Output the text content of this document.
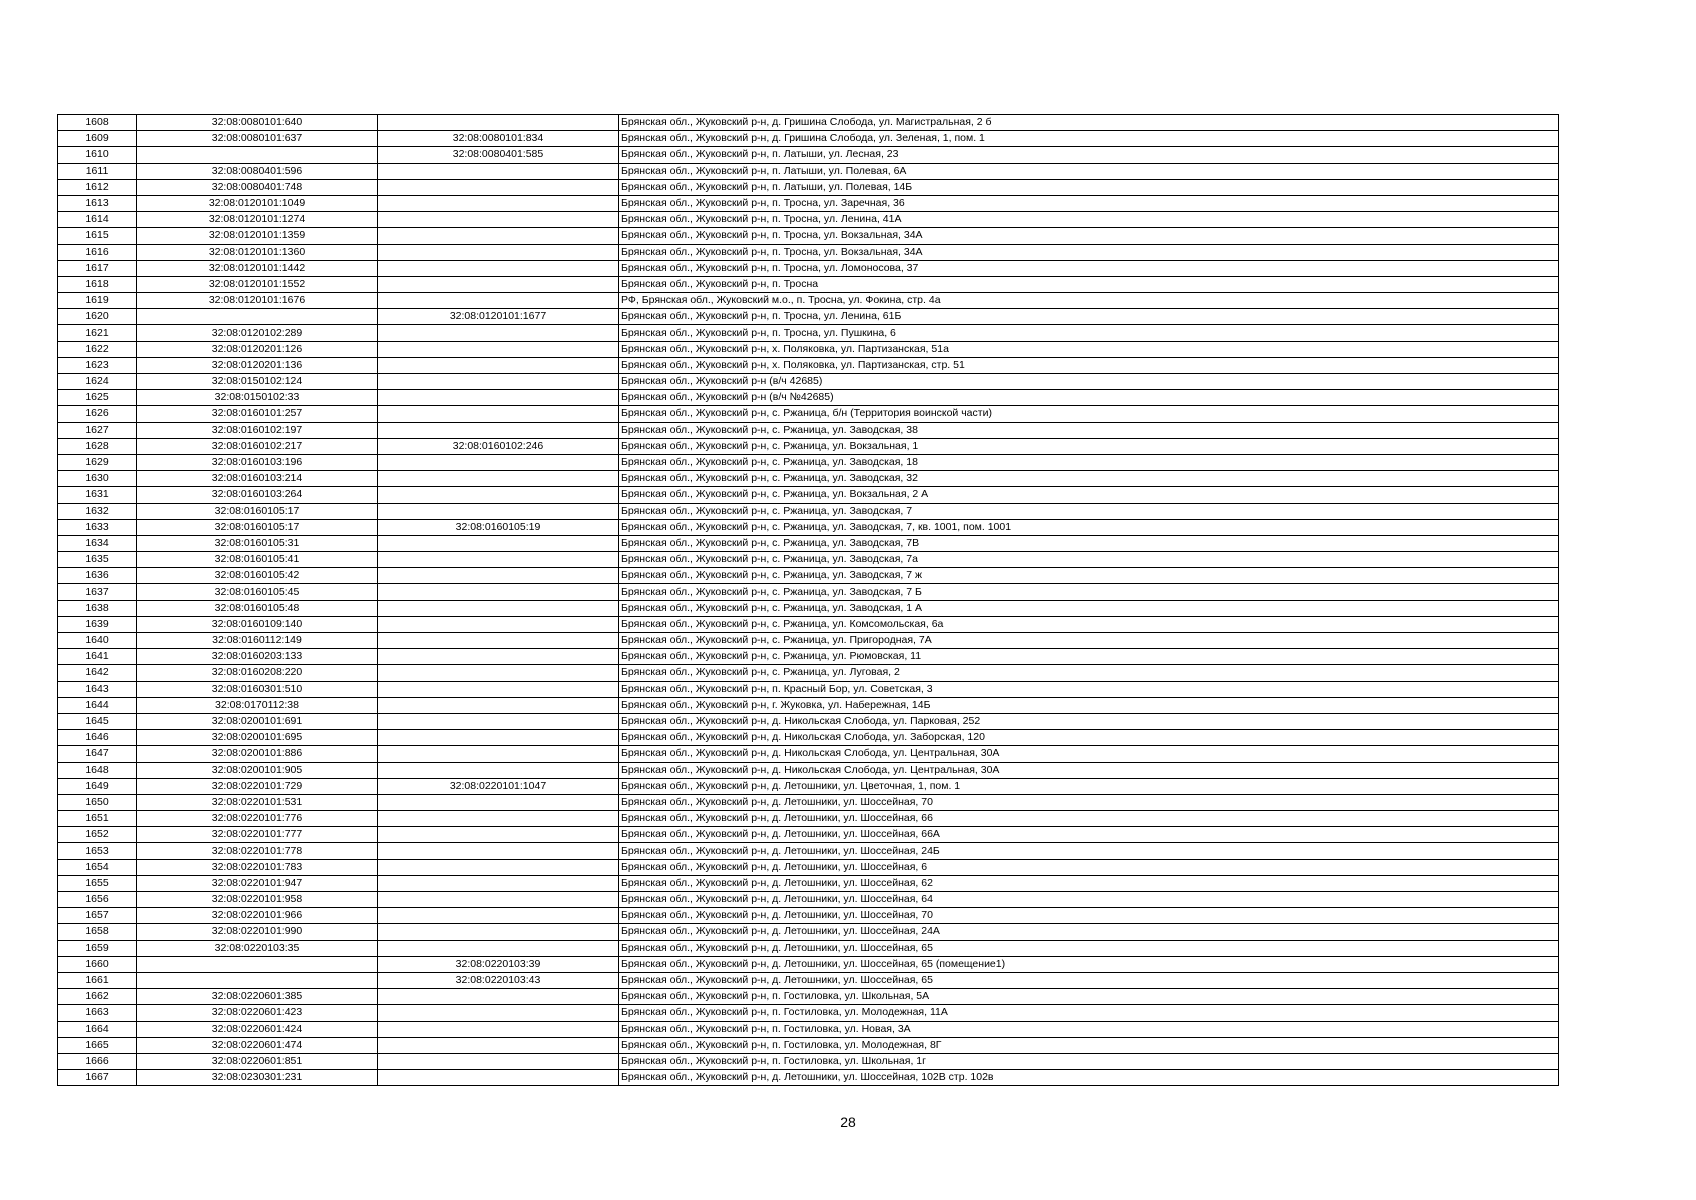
1608	32:08:0080101:640		Брянская обл., Жуковский р-н, д. Гришина Слобода, ул. Магистральная, 2 б
1609	32:08:0080101:637	32:08:0080101:834	Брянская обл., Жуковский р-н, д. Гришина Слобода, ул. Зеленая, 1, пом. 1
1610		32:08:0080401:585	Брянская обл., Жуковский р-н, п. Латыши, ул. Лесная, 23
1611	32:08:0080401:596		Брянская обл., Жуковский р-н, п. Латыши, ул. Полевая, 6А
1612	32:08:0080401:748		Брянская обл., Жуковский р-н, п. Латыши, ул. Полевая, 14Б
1613	32:08:0120101:1049		Брянская обл., Жуковский р-н, п. Тросна, ул. Заречная, 36
1614	32:08:0120101:1274		Брянская обл., Жуковский р-н, п. Тросна, ул. Ленина, 41А
1615	32:08:0120101:1359		Брянская обл., Жуковский р-н, п. Тросна, ул. Вокзальная, 34А
1616	32:08:0120101:1360		Брянская обл., Жуковский р-н, п. Тросна, ул. Вокзальная, 34А
1617	32:08:0120101:1442		Брянская обл., Жуковский р-н, п. Тросна, ул. Ломоносова, 37
1618	32:08:0120101:1552		Брянская обл., Жуковский р-н, п. Тросна
1619	32:08:0120101:1676		РФ, Брянская обл., Жуковский м.о., п. Тросна, ул. Фокина, стр. 4а
1620		32:08:0120101:1677	Брянская обл., Жуковский р-н, п. Тросна, ул. Ленина, 61Б
1621	32:08:0120102:289		Брянская обл., Жуковский р-н, п. Тросна, ул. Пушкина, 6
1622	32:08:0120201:126		Брянская обл., Жуковский р-н, х. Поляковка, ул. Партизанская, 51а
1623	32:08:0120201:136		Брянская обл., Жуковский р-н, х. Поляковка, ул. Партизанская, стр. 51
1624	32:08:0150102:124		Брянская обл., Жуковский р-н (в/ч 42685)
1625	32:08:0150102:33		Брянская обл., Жуковский р-н (в/ч №42685)
1626	32:08:0160101:257		Брянская обл., Жуковский р-н, с. Ржаница, б/н (Территория воинской части)
1627	32:08:0160102:197		Брянская обл., Жуковский р-н, с. Ржаница, ул. Заводская, 38
1628	32:08:0160102:217	32:08:0160102:246	Брянская обл., Жуковский р-н, с. Ржаница, ул. Вокзальная, 1
1629	32:08:0160103:196		Брянская обл., Жуковский р-н, с. Ржаница, ул. Заводская, 18
1630	32:08:0160103:214		Брянская обл., Жуковский р-н, с. Ржаница, ул. Заводская, 32
1631	32:08:0160103:264		Брянская обл., Жуковский р-н, с. Ржаница, ул. Вокзальная, 2 А
1632	32:08:0160105:17		Брянская обл., Жуковский р-н, с. Ржаница, ул. Заводская, 7
1633	32:08:0160105:17	32:08:0160105:19	Брянская обл., Жуковский р-н, с. Ржаница, ул. Заводская, 7, кв. 1001, пом. 1001
1634	32:08:0160105:31		Брянская обл., Жуковский р-н, с. Ржаница, ул. Заводская, 7В
1635	32:08:0160105:41		Брянская обл., Жуковский р-н, с. Ржаница, ул. Заводская, 7а
1636	32:08:0160105:42		Брянская обл., Жуковский р-н, с. Ржаница, ул. Заводская, 7 ж
1637	32:08:0160105:45		Брянская обл., Жуковский р-н, с. Ржаница, ул. Заводская, 7 Б
1638	32:08:0160105:48		Брянская обл., Жуковский р-н, с. Ржаница, ул. Заводская, 1 А
1639	32:08:0160109:140		Брянская обл., Жуковский р-н, с. Ржаница, ул. Комсомольская, 6а
1640	32:08:0160112:149		Брянская обл., Жуковский р-н, с. Ржаница, ул. Пригородная, 7А
1641	32:08:0160203:133		Брянская обл., Жуковский р-н, с. Ржаница, ул. Рюмовская, 11
1642	32:08:0160208:220		Брянская обл., Жуковский р-н, с. Ржаница, ул. Луговая, 2
1643	32:08:0160301:510		Брянская обл., Жуковский р-н, п. Красный Бор, ул. Советская, 3
1644	32:08:0170112:38		Брянская обл., Жуковский р-н, г. Жуковка, ул. Набережная, 14Б
1645	32:08:0200101:691		Брянская обл., Жуковский р-н, д. Никольская Слобода, ул. Парковая, 252
1646	32:08:0200101:695		Брянская обл., Жуковский р-н, д. Никольская Слобода, ул. Заборская, 120
1647	32:08:0200101:886		Брянская обл., Жуковский р-н, д. Никольская Слобода, ул. Центральная, 30А
1648	32:08:0200101:905		Брянская обл., Жуковский р-н, д. Никольская Слобода, ул. Центральная, 30А
1649	32:08:0220101:729	32:08:0220101:1047	Брянская обл., Жуковский р-н, д. Летошники, ул. Цветочная, 1, пом. 1
1650	32:08:0220101:531		Брянская обл., Жуковский р-н, д. Летошники, ул. Шоссейная, 70
1651	32:08:0220101:776		Брянская обл., Жуковский р-н, д. Летошники, ул. Шоссейная, 66
1652	32:08:0220101:777		Брянская обл., Жуковский р-н, д. Летошники, ул. Шоссейная, 66А
1653	32:08:0220101:778		Брянская обл., Жуковский р-н, д. Летошники, ул. Шоссейная, 24Б
1654	32:08:0220101:783		Брянская обл., Жуковский р-н, д. Летошники, ул. Шоссейная, 6
1655	32:08:0220101:947		Брянская обл., Жуковский р-н, д. Летошники, ул. Шоссейная, 62
1656	32:08:0220101:958		Брянская обл., Жуковский р-н, д. Летошники, ул. Шоссейная, 64
1657	32:08:0220101:966		Брянская обл., Жуковский р-н, д. Летошники, ул. Шоссейная, 70
1658	32:08:0220101:990		Брянская обл., Жуковский р-н, д. Летошники, ул. Шоссейная, 24А
1659	32:08:0220103:35		Брянская обл., Жуковский р-н, д. Летошники, ул. Шоссейная, 65
1660		32:08:0220103:39	Брянская обл., Жуковский р-н, д. Летошники, ул. Шоссейная, 65 (помещение1)
1661		32:08:0220103:43	Брянская обл., Жуковский р-н, д. Летошники, ул. Шоссейная, 65
1662	32:08:0220601:385		Брянская обл., Жуковский р-н, п. Гостиловка, ул. Школьная, 5А
1663	32:08:0220601:423		Брянская обл., Жуковский р-н, п. Гостиловка, ул. Молодежная, 11А
1664	32:08:0220601:424		Брянская обл., Жуковский р-н, п. Гостиловка, ул. Новая, 3А
1665	32:08:0220601:474		Брянская обл., Жуковский р-н, п. Гостиловка, ул. Молодежная, 8Г
1666	32:08:0220601:851		Брянская обл., Жуковский р-н, п. Гостиловка, ул. Школьная, 1г
1667	32:08:0230301:231		Брянская обл., Жуковский р-н, д. Летошники, ул. Шоссейная, 102В стр. 102в
28
